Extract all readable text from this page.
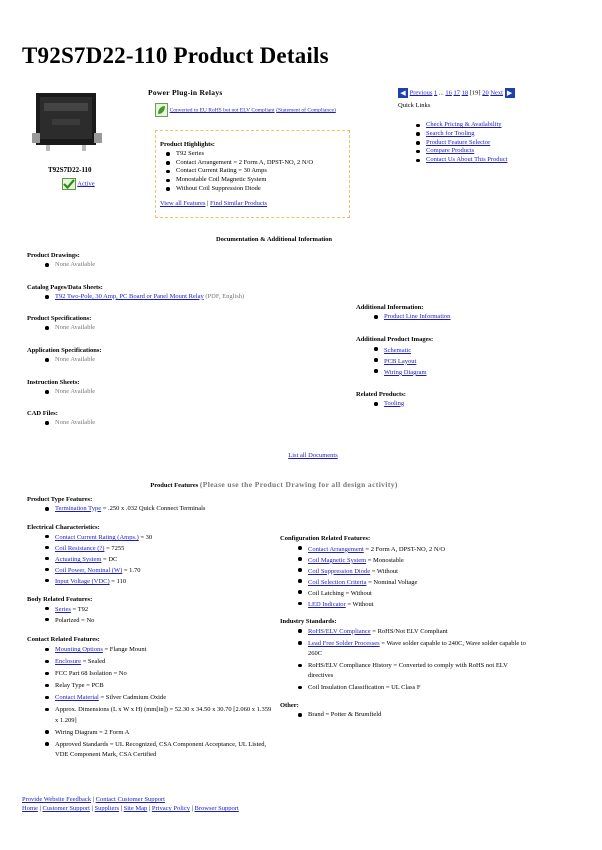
T92S7D22-110 Product Details
T92S7D22-110
Active
Power Plug-in Relays
Converted to EU RoHS but not ELV Compliant (Statement of Compliance)
Product Highlights:
T92 Series
Contact Arrangement = 2 Form A, DPST-NO, 2 N/O
Contact Current Rating = 30 Amps
Monostable Coil Magnetic System
Without Coil Suppression Diode
View all Features | Find Similar Products
◀ Previous 1 ... 16 17 18 [19] 20 Next ▶
Quick Links
Check Pricing & Availability
Search for Tooling
Product Feature Selector
Compare Products
Contact Us About This Product
Documentation & Additional Information
Product Drawings:
None Available
Catalog Pages/Data Sheets:
T92 Two-Pole, 30 Amp, PC Board or Panel Mount Relay (PDF, English)
Product Specifications:
None Available
Application Specifications:
None Available
Instruction Sheets:
None Available
CAD Files:
None Available
Additional Information:
Product Line Information
Additional Product Images:
Schematic
PCB Layout
Wiring Diagram
Related Products:
Tooling
List all Documents
Product Features (Please use the Product Drawing for all design activity)
Product Type Features:
Termination Type = .250 x .032 Quick Connect Terminals
Electrical Characteristics:
Contact Current Rating (Amps.) = 30
Coil Resistance (?) = 7255
Actuating System = DC
Coil Power, Nominal (W) = 1.70
Input Voltage (VDC) = 110
Body Related Features:
Series = T92
Polarized = No
Contact Related Features:
Mounting Options = Flange Mount
Enclosure = Sealed
FCC Part 68 Isolation = No
Relay Type = PCB
Contact Material = Silver Cadmium Oxide
Approx. Dimensions (L x W x H) (mm[in]) = 52.30 x 34.50 x 30.70 [2.060 x 1.359 x 1.209]
Wiring Diagram = 2 Form A
Approved Standards = UL Recognized, CSA Component Acceptance, UL Listed, VDE Component Mark, CSA Certified
Configuration Related Features:
Contact Arrangement = 2 Form A, DPST-NO, 2 N/O
Coil Magnetic System = Monostable
Coil Suppression Diode = Without
Coil Selection Criteria = Nominal Voltage
Coil Latching = Without
LED Indicator = Without
Industry Standards:
RoHS/ELV Compliance = RoHS/Not ELV Compliant
Lead Free Solder Processes = Wave solder capable to 240C, Wave solder capable to 260C
RoHS/ELV Compliance History = Converted to comply with RoHS not ELV directives
Coil Insulation Classification = UL Class F
Other:
Brand = Potter & Brumfield
Provide Website Feedback | Contact Customer Support
Home | Customer Support | Suppliers | Site Map | Privacy Policy | Browser Support
